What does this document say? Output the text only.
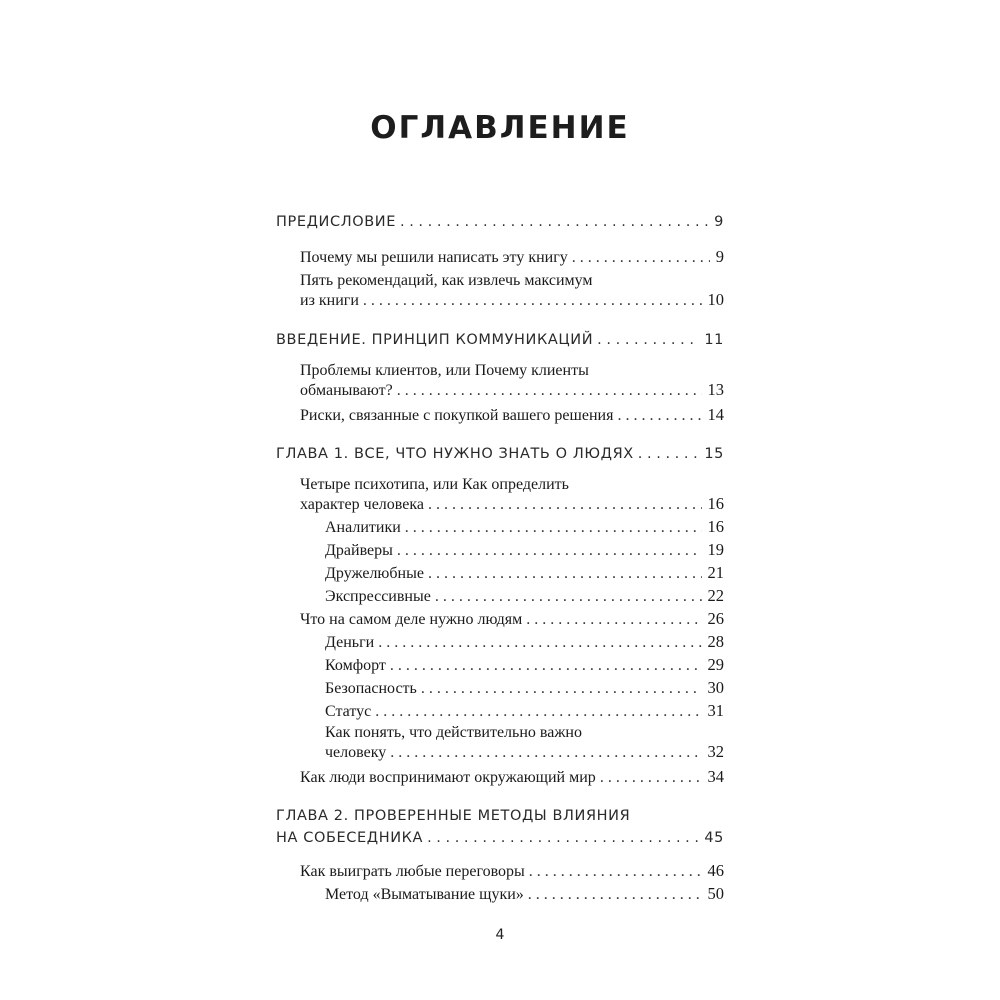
ОГЛАВЛЕНИЕ
ПРЕДИСЛОВИЕ . . .	9
Почему мы решили написать эту книгу . . .	9
Пять рекомендаций, как извлечь максимум
из книги . . .	10
ВВЕДЕНИЕ. ПРИНЦИП КОММУНИКАЦИЙ . . .	11
Проблемы клиентов, или Почему клиенты
обманывают? . . .	13
Риски, связанные с покупкой вашего решения . . .	14
ГЛАВА 1. ВСЕ, ЧТО НУЖНО ЗНАТЬ О ЛЮДЯХ . . .	15
Четыре психотипа, или Как определить
характер человека . . .	16
Аналитики . . .	16
Драйверы . . .	19
Дружелюбные . . .	21
Экспрессивные . . .	22
Что на самом деле нужно людям . . .	26
Деньги . . .	28
Комфорт . . .	29
Безопасность . . .	30
Статус . . .	31
Как понять, что действительно важно
человеку . . .	32
Как люди воспринимают окружающий мир . . .	34
ГЛАВА 2. ПРОВЕРЕННЫЕ МЕТОДЫ ВЛИЯНИЯ
НА СОБЕСЕДНИКА . . .	45
Как выиграть любые переговоры . . .	46
Метод «Выматывание щуки» . . .	50
4
